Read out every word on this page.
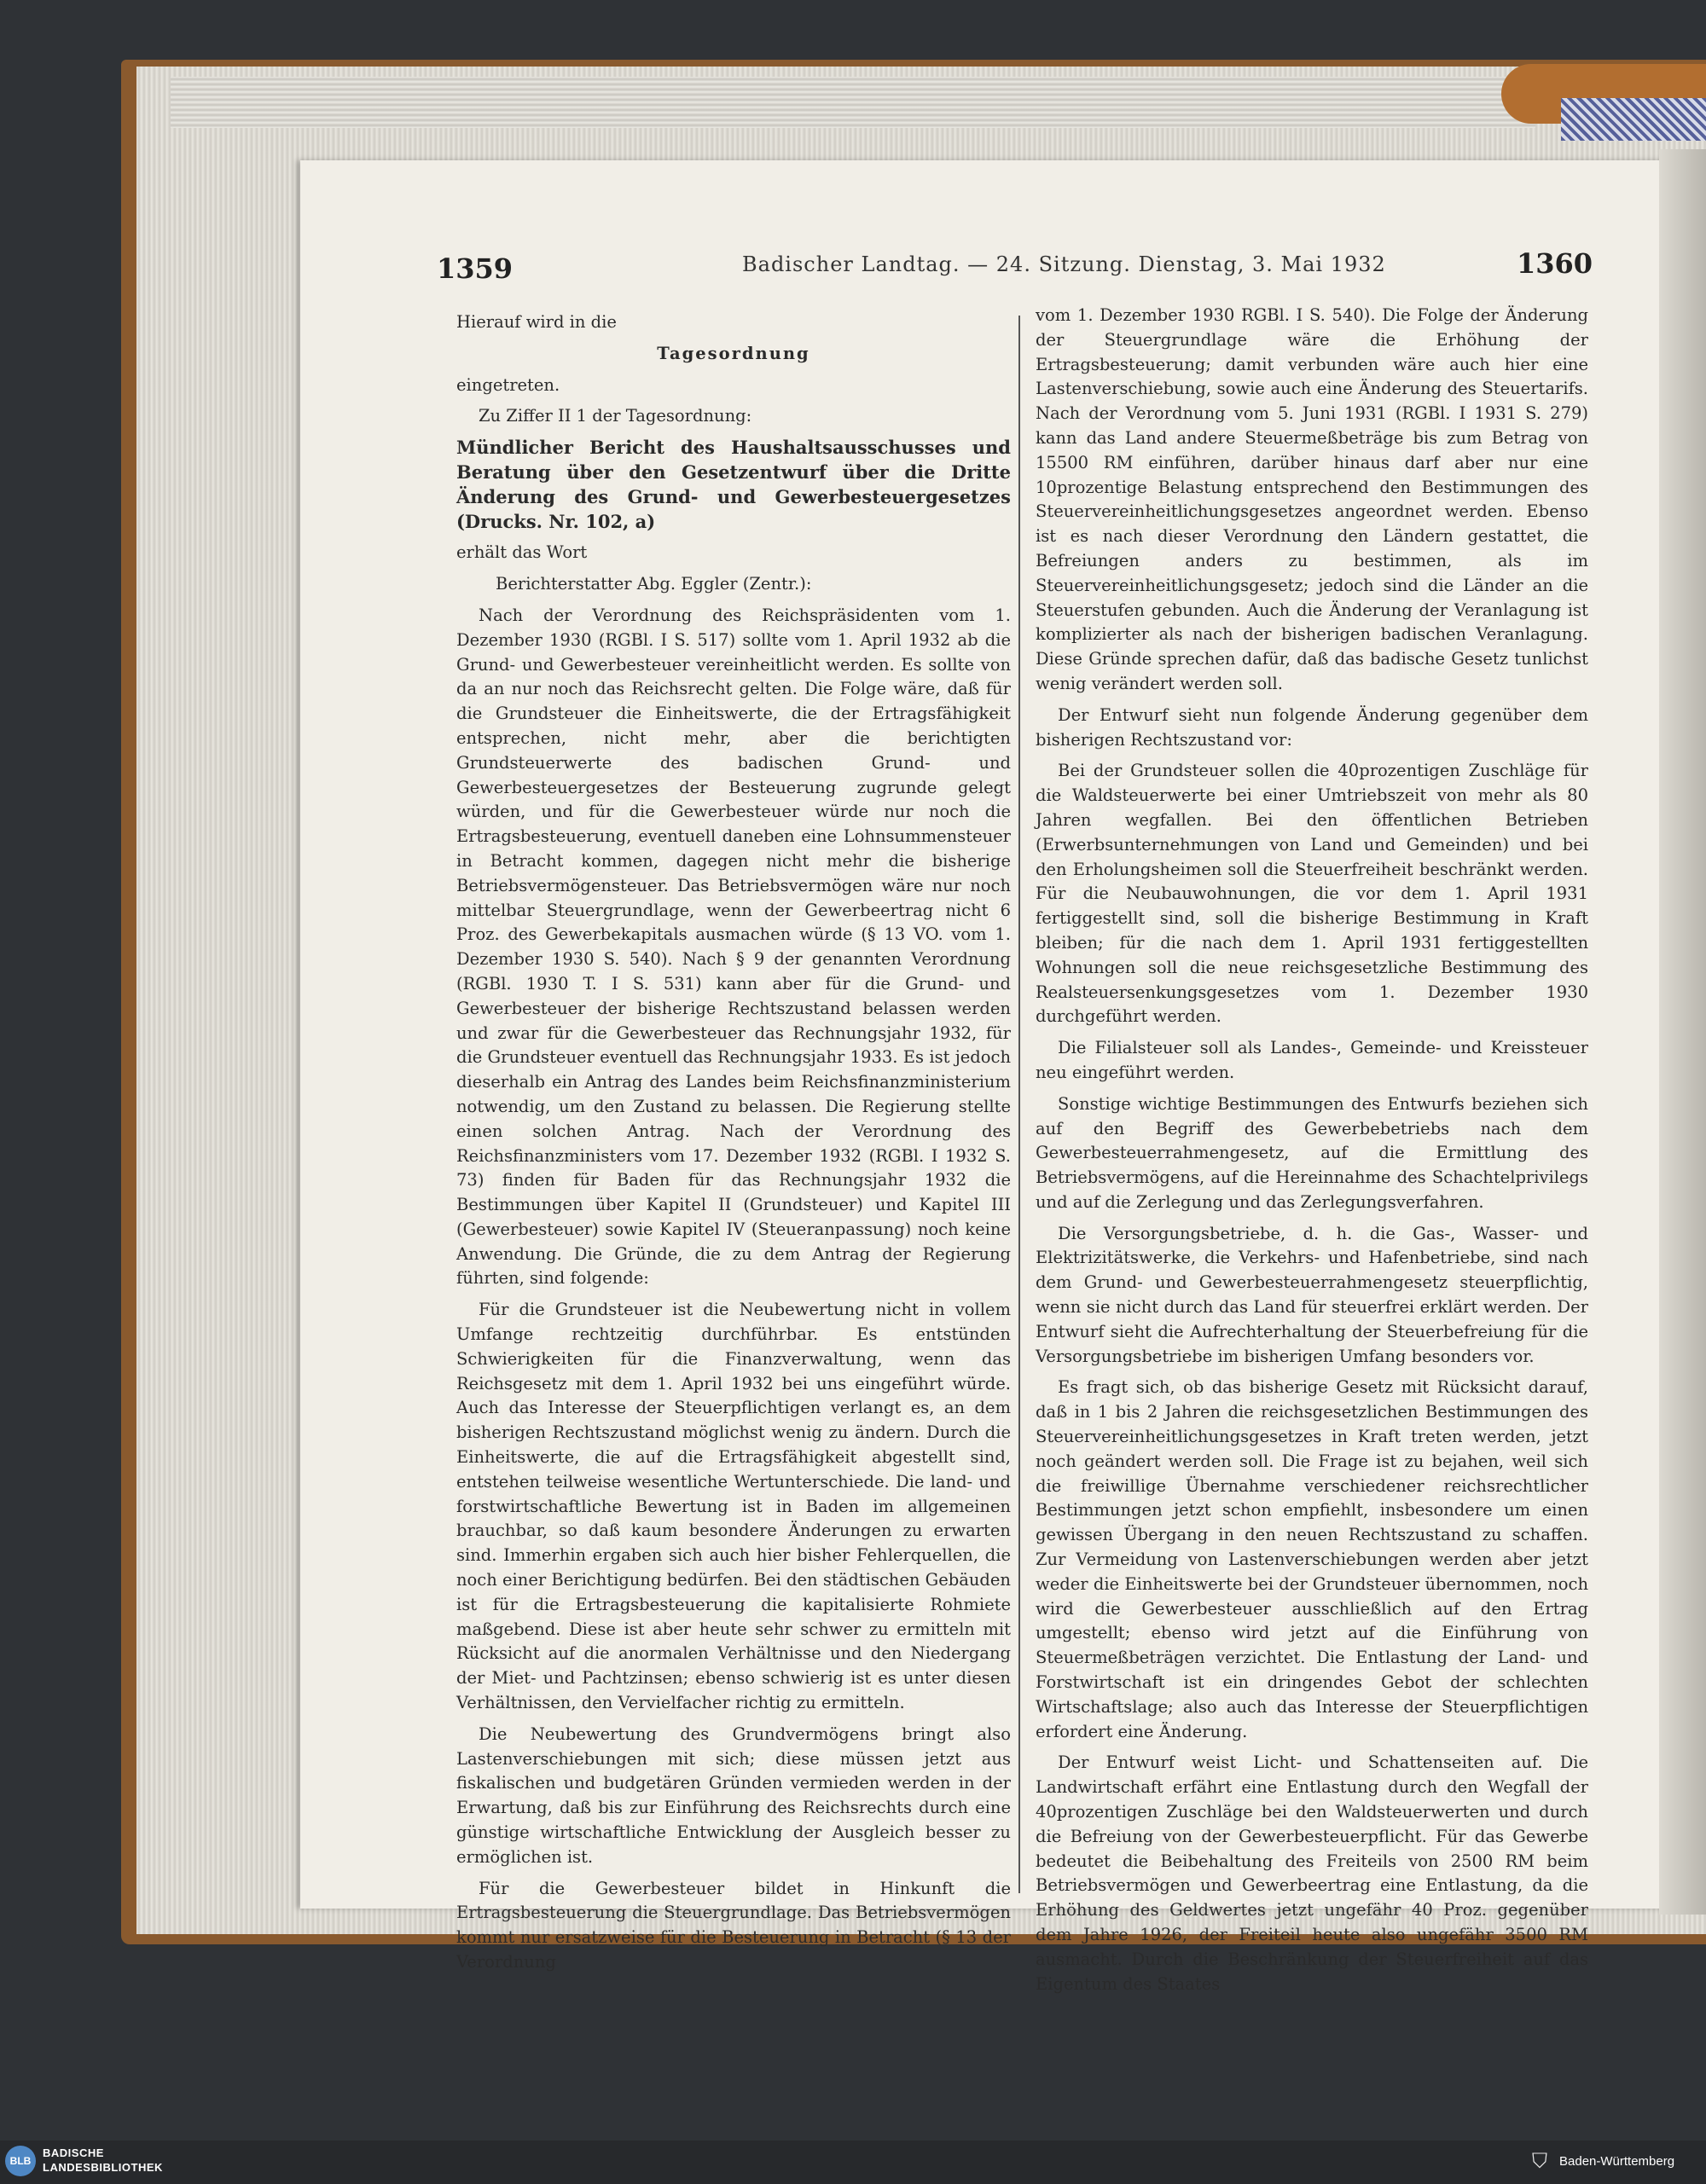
1359	Badischer Landtag. — 24. Sitzung. Dienstag, 3. Mai 1932	1360

Hierauf wird in die

Tagesordnung

eingetreten.

Zu Ziffer II 1 der Tagesordnung:

Mündlicher Bericht des Haushaltsausschusses und Beratung über den Gesetzentwurf über die Dritte Änderung des Grund- und Gewerbesteuergesetzes (Drucks. Nr. 102, a)

erhält das Wort

Berichterstatter Abg. Eggler (Zentr.):

Nach der Verordnung des Reichspräsidenten vom 1. Dezember 1930 (RGBl. I S. 517) sollte vom 1. April 1932 ab die Grund- und Gewerbesteuer vereinheitlicht werden. Es sollte von da an nur noch das Reichsrecht gelten. Die Folge wäre, daß für die Grundsteuer die Einheitswerte, die der Ertragsfähigkeit entsprechen, nicht mehr, aber die berichtigten Grundsteuerwerte des badischen Grund- und Gewerbesteuergesetzes der Besteuerung zugrunde gelegt würden, und für die Gewerbesteuer würde nur noch die Ertragsbesteuerung, eventuell daneben eine Lohnsummensteuer in Betracht kommen, dagegen nicht mehr die bisherige Betriebsvermögensteuer. Das Betriebsvermögen wäre nur noch mittelbar Steuergrundlage, wenn der Gewerbeertrag nicht 6 Proz. des Gewerbekapitals ausmachen würde (§ 13 VO. vom 1. Dezember 1930 S. 540). Nach § 9 der genannten Verordnung (RGBl. 1930 T. I S. 531) kann aber für die Grund- und Gewerbesteuer der bisherige Rechtszustand belassen werden und zwar für die Gewerbesteuer das Rechnungsjahr 1932, für die Grundsteuer eventuell das Rechnungsjahr 1933. Es ist jedoch dieserhalb ein Antrag des Landes beim Reichsfinanzministerium notwendig, um den Zustand zu belassen. Die Regierung stellte einen solchen Antrag. Nach der Verordnung des Reichsfinanzministers vom 17. Dezember 1932 (RGBl. I 1932 S. 73) finden für Baden für das Rechnungsjahr 1932 die Bestimmungen über Kapitel II (Grundsteuer) und Kapitel III (Gewerbesteuer) sowie Kapitel IV (Steueranpassung) noch keine Anwendung. Die Gründe, die zu dem Antrag der Regierung führten, sind folgende:

Für die Grundsteuer ist die Neubewertung nicht in vollem Umfange rechtzeitig durchführbar. Es entstünden Schwierigkeiten für die Finanzverwaltung, wenn das Reichsgesetz mit dem 1. April 1932 bei uns eingeführt würde. Auch das Interesse der Steuerpflichtigen verlangt es, an dem bisherigen Rechtszustand möglichst wenig zu ändern. Durch die Einheitswerte, die auf die Ertragsfähigkeit abgestellt sind, entstehen teilweise wesentliche Wertunterschiede. Die land- und forstwirtschaftliche Bewertung ist in Baden im allgemeinen brauchbar, so daß kaum besondere Änderungen zu erwarten sind. Immerhin ergaben sich auch hier bisher Fehlerquellen, die noch einer Berichtigung bedürfen. Bei den städtischen Gebäuden ist für die Ertragsbesteuerung die kapitalisierte Rohmiete maßgebend. Diese ist aber heute sehr schwer zu ermitteln mit Rücksicht auf die anormalen Verhältnisse und den Niedergang der Miet- und Pachtzinsen; ebenso schwierig ist es unter diesen Verhältnissen, den Vervielfacher richtig zu ermitteln.

Die Neubewertung des Grundvermögens bringt also Lastenverschiebungen mit sich; diese müssen jetzt aus fiskalischen und budgetären Gründen vermieden werden in der Erwartung, daß bis zur Einführung des Reichsrechts durch eine günstige wirtschaftliche Entwicklung der Ausgleich besser zu ermöglichen ist.

Für die Gewerbesteuer bildet in Hinkunft die Ertragsbesteuerung die Steuergrundlage. Das Betriebsvermögen kommt nur ersatzweise für die Besteuerung in Betracht (§ 13 der Verordnung

vom 1. Dezember 1930 RGBl. I S. 540). Die Folge der Änderung der Steuergrundlage wäre die Erhöhung der Ertragsbesteuerung; damit verbunden wäre auch hier eine Lastenverschiebung, sowie auch eine Änderung des Steuertarifs. Nach der Verordnung vom 5. Juni 1931 (RGBl. I 1931 S. 279) kann das Land andere Steuermeßbeträge bis zum Betrag von 15500 RM einführen, darüber hinaus darf aber nur eine 10prozentige Belastung entsprechend den Bestimmungen des Steuervereinheitlichungsgesetzes angeordnet werden. Ebenso ist es nach dieser Verordnung den Ländern gestattet, die Befreiungen anders zu bestimmen, als im Steuervereinheitlichungsgesetz; jedoch sind die Länder an die Steuerstufen gebunden. Auch die Änderung der Veranlagung ist komplizierter als nach der bisherigen badischen Veranlagung. Diese Gründe sprechen dafür, daß das badische Gesetz tunlichst wenig verändert werden soll.

Der Entwurf sieht nun folgende Änderung gegenüber dem bisherigen Rechtszustand vor:

Bei der Grundsteuer sollen die 40prozentigen Zuschläge für die Waldsteuerwerte bei einer Umtriebszeit von mehr als 80 Jahren wegfallen. Bei den öffentlichen Betrieben (Erwerbsunternehmungen von Land und Gemeinden) und bei den Erholungsheimen soll die Steuerfreiheit beschränkt werden. Für die Neubauwohnungen, die vor dem 1. April 1931 fertiggestellt sind, soll die bisherige Bestimmung in Kraft bleiben; für die nach dem 1. April 1931 fertiggestellten Wohnungen soll die neue reichsgesetzliche Bestimmung des Realsteuersenkungsgesetzes vom 1. Dezember 1930 durchgeführt werden.

Die Filialsteuer soll als Landes-, Gemeinde- und Kreissteuer neu eingeführt werden.

Sonstige wichtige Bestimmungen des Entwurfs beziehen sich auf den Begriff des Gewerbebetriebs nach dem Gewerbesteuerrahmengesetz, auf die Ermittlung des Betriebsvermögens, auf die Hereinnahme des Schachtelprivilegs und auf die Zerlegung und das Zerlegungsverfahren.

Die Versorgungsbetriebe, d. h. die Gas-, Wasser- und Elektrizitätswerke, die Verkehrs- und Hafenbetriebe, sind nach dem Grund- und Gewerbesteuerrahmengesetz steuerpflichtig, wenn sie nicht durch das Land für steuerfrei erklärt werden. Der Entwurf sieht die Aufrechterhaltung der Steuerbefreiung für die Versorgungsbetriebe im bisherigen Umfang besonders vor.

Es fragt sich, ob das bisherige Gesetz mit Rücksicht darauf, daß in 1 bis 2 Jahren die reichsgesetzlichen Bestimmungen des Steuervereinheitlichungsgesetzes in Kraft treten werden, jetzt noch geändert werden soll. Die Frage ist zu bejahen, weil sich die freiwillige Übernahme verschiedener reichsrechtlicher Bestimmungen jetzt schon empfiehlt, insbesondere um einen gewissen Übergang in den neuen Rechtszustand zu schaffen. Zur Vermeidung von Lastenverschiebungen werden aber jetzt weder die Einheitswerte bei der Grundsteuer übernommen, noch wird die Gewerbesteuer ausschließlich auf den Ertrag umgestellt; ebenso wird jetzt auf die Einführung von Steuermeßbeträgen verzichtet. Die Entlastung der Land- und Forstwirtschaft ist ein dringendes Gebot der schlechten Wirtschaftslage; also auch das Interesse der Steuerpflichtigen erfordert eine Änderung.

Der Entwurf weist Licht- und Schattenseiten auf. Die Landwirtschaft erfährt eine Entlastung durch den Wegfall der 40prozentigen Zuschläge bei den Waldsteuerwerten und durch die Befreiung von der Gewerbesteuerpflicht. Für das Gewerbe bedeutet die Beibehaltung des Freiteils von 2500 RM beim Betriebsvermögen und Gewerbeertrag eine Entlastung, da die Erhöhung des Geldwertes jetzt ungefähr 40 Proz. gegenüber dem Jahre 1926, der Freiteil heute also ungefähr 3500 RM ausmacht. Durch die Beschränkung der Steuerfreiheit auf das Eigentum des Staates

BLB
BADISCHE
LANDESBIBLIOTHEK	⛉ Baden-Württemberg
